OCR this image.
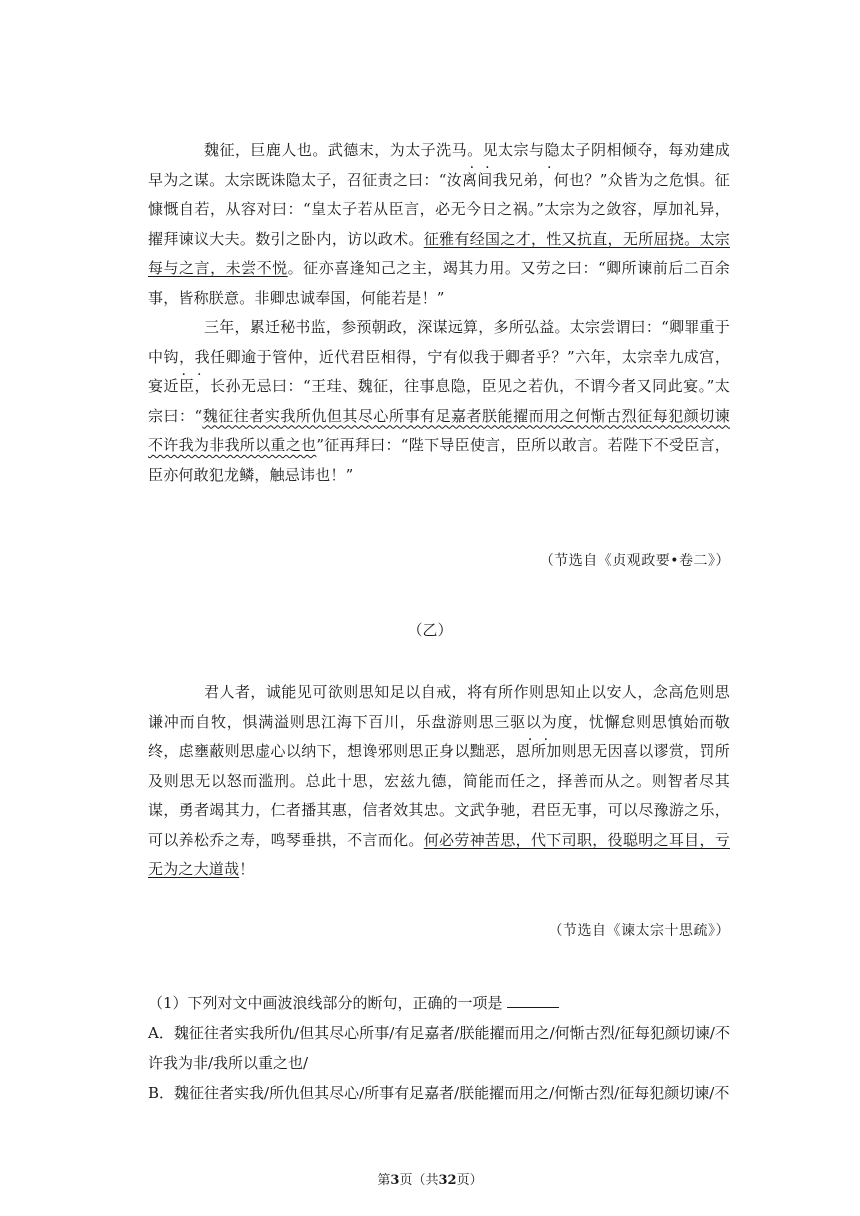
魏征，巨鹿人也。武德末，为太子洗马。见太宗与隐太子阴相倾夺，每劝建成早为之谋。太宗既诛隐太子，召征责之曰：“汝离间我兄弟，何也？”众皆为之危惧。征慷慨自若，从容对曰：“皇太子若从臣言，必无今日之祸。”太宗为之敛容，厚加礼异，擢拜谏议大夫。数引之卧内，访以政术。征雅有经国之才，性又抗直，无所屈挠。太宗每与之言，未尝不悦。征亦喜逢知己之主，竭其力用。又劳之曰：“卿所谏前后二百余事，皆称朕意。非卿忠诚奉国，何能若是！”

三年，累迁秘书监，参预朝政，深谋远算，多所弘益。太宗尝谓曰：“卿罪重于中钩，我任卿逾于管仲，近代君臣相得，宁有似我于卿者乎？”六年，太宗幸九成宫，宴近臣，长孙无忌曰：“王珪、魏征，往事息隐，臣见之若仇，不谓今者又同此宴。”太宗曰：“魏征往者实我所仇但其尽心所事有足嘉者朕能擢而用之何惭古烈征每犯颜切谏不许我为非我所以重之也”征再拜曰：“陛下导臣使言，臣所以敢言。若陛下不受臣言，臣亦何敢犯龙鳞，触忌讳也！”

（节选自《贞观政要•卷二》）
（乙）

君人者，诚能见可欲则思知足以自戒，将有所作则思知止以安人，念高危则思谦冲而自牧，惧满溢则思江海下百川，乐盘游则思三驱以为度，忧懈怠则思慎始而敬终，虑壅蔽则思虚心以纳下，想谗邪则思正身以黜恶，恩所加则思无因喜以谬赏，罚所及则思无以怒而滥刑。总此十思，宏兹九德，简能而任之，择善而从之。则智者尽其谋，勇者竭其力，仁者播其惠，信者效其忠。文武争驰，君臣无事，可以尽豫游之乐，可以养松乔之寿，鸣琴垂拱，不言而化。何必劳神苦思，代下司职，役聪明之耳目，亏无为之大道哉！

（节选自《谏太宗十思疏》）

（1）下列对文中画波浪线部分的断句，正确的一项是

A．魏征往者实我所仇/但其尽心所事/有足嘉者/朕能擢而用之/何惭古烈/征每犯颜切谏/不许我为非/我所以重之也/

B．魏征往者实我/所仇但其尽心/所事有足嘉者/朕能擢而用之/何惭古烈/征每犯颜切谏/不

第3页（共32页）
